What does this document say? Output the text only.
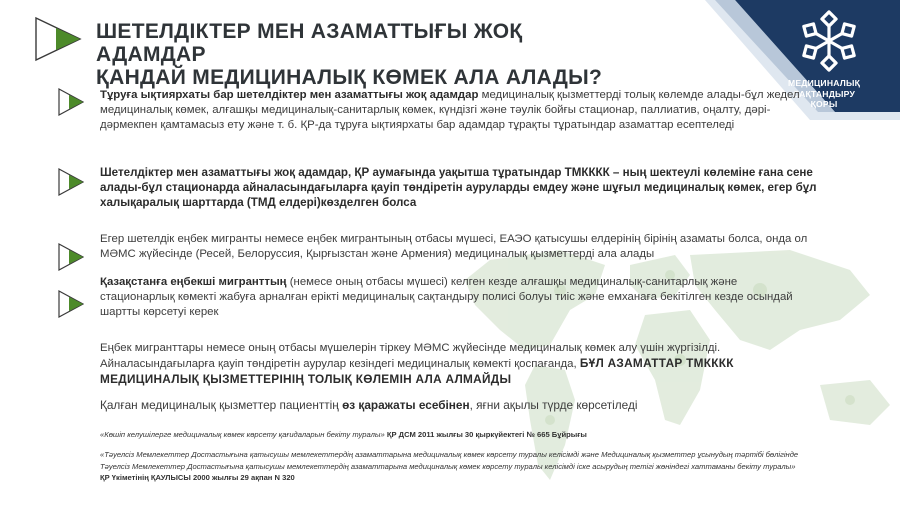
МЕДИЦИНАЛЫҚ
САҚТАНДЫРУ
ҚОРЫ
ШЕТЕЛДІКТЕР МЕН АЗАМАТТЫҒЫ ЖОҚ АДАМДАР
ҚАНДАЙ МЕДИЦИНАЛЫҚ КӨМЕК АЛА АЛАДЫ?
Тұруға ықтиярхаты бар шетелдіктер мен азаматтығы жоқ адамдар медициналық қызметтерді толық көлемде алады-бұл жедел медициналық көмек, алғашқы медициналық-санитарлық көмек, күндізгі және тәулік бойғы стационар, паллиатив, оңалту, дәрі-дәрмекпен қамтамасыз ету және т. б. ҚР-да тұруға ықтиярхаты бар адамдар тұрақты тұратындар азаматтар есептеледі
Шетелдіктер мен азаматтығы жоқ адамдар, ҚР аумағында уақытша тұратындар ТМКККК – ның шектеулі көлеміне ғана сене алады-бұл стационарда айналасындағыларға қауіп төндіретін ауруларды емдеу және шұғыл медициналық көмек, егер бұл халықаралық шарттарда (ТМД елдері)көзделген болса
Егер шетелдік еңбек мигранты немесе еңбек мигрантының отбасы мүшесі, ЕАЭО қатысушы елдерінің бірінің азаматы болса, онда ол МӘМС жүйесінде (Ресей, Белоруссия, Қырғызстан және Армения) медициналық қызметтерді ала алады
Қазақстанға еңбекші мигранттың (немесе оның отбасы мүшесі) келген кезде алғашқы медициналық-санитарлық және стационарлық көмекті жабуға арналған ерікті медициналық сақтандыру полисі болуы тиіс және емханаға бекітілген кезде осындай шартты көрсетуі керек
Еңбек мигранттары немесе оның отбасы мүшелерін тіркеу МӘМС жүйесінде медициналық көмек алу үшін жүргізілді. Айналасындағыларға қауіп төндіретін аурулар кезіндегі медициналық көмекті қоспағанда, БҰЛ АЗАМАТТАР ТМКККК МЕДИЦИНАЛЫҚ ҚЫЗМЕТТЕРІНІҢ ТОЛЫҚ КӨЛЕМІН АЛА АЛМАЙДЫ
Қалған медициналық қызметтер пациенттің өз қаражаты есебінен, яғни ақылы түрде көрсетіледі
«Көшіп келушілерге медициналық көмек көрсету қағидаларын бекіту туралы» ҚР ДСМ 2011 жылғы 30 қыркүйектегі № 665 Бұйрығы
«Тәуелсіз Мемлекеттер Достастығына қатысушы мемлекеттердің азаматтарына медициналық көмек көрсету туралы келісімді және Медициналық қызметтер ұсынудың тәртібі бөлігінде Тәуелсіз Мемлекеттер Достастығына қатысушы мемлекеттердің азаматтарына медициналық көмек көрсету туралы келісімді іске асырудың тетігі жөніндегі хаттаманы бекіту туралы» ҚР Үкіметінің ҚАУЛЫСЫ 2000 жылғы 29 ақпан N 320
